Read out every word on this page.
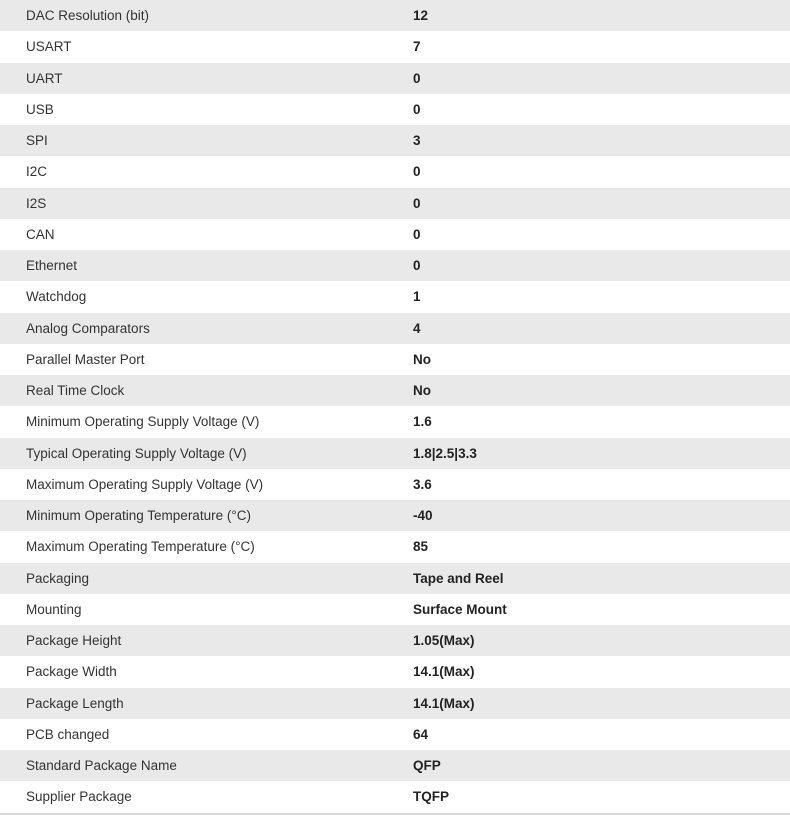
DAC Resolution (bit)	12
USART	7
UART	0
USB	0
SPI	3
I2C	0
I2S	0
CAN	0
Ethernet	0
Watchdog	1
Analog Comparators	4
Parallel Master Port	No
Real Time Clock	No
Minimum Operating Supply Voltage (V)	1.6
Typical Operating Supply Voltage (V)	1.8|2.5|3.3
Maximum Operating Supply Voltage (V)	3.6
Minimum Operating Temperature (°C)	-40
Maximum Operating Temperature (°C)	85
Packaging	Tape and Reel
Mounting	Surface Mount
Package Height	1.05(Max)
Package Width	14.1(Max)
Package Length	14.1(Max)
PCB changed	64
Standard Package Name	QFP
Supplier Package	TQFP
